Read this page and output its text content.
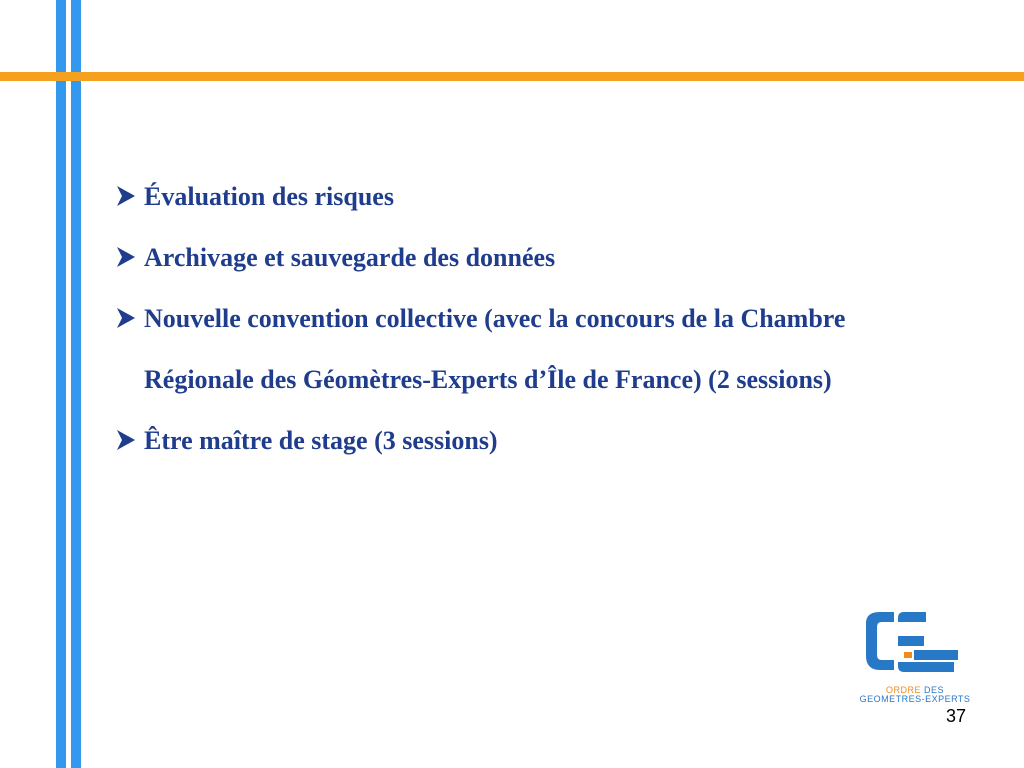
Évaluation des risques
Archivage et sauvegarde des données
Nouvelle convention collective (avec la concours de la Chambre Régionale des Géomètres-Experts d’Île de France) (2 sessions)
Être maître de stage (3 sessions)
ORDRE DES
GEOMETRES-EXPERTS
37
